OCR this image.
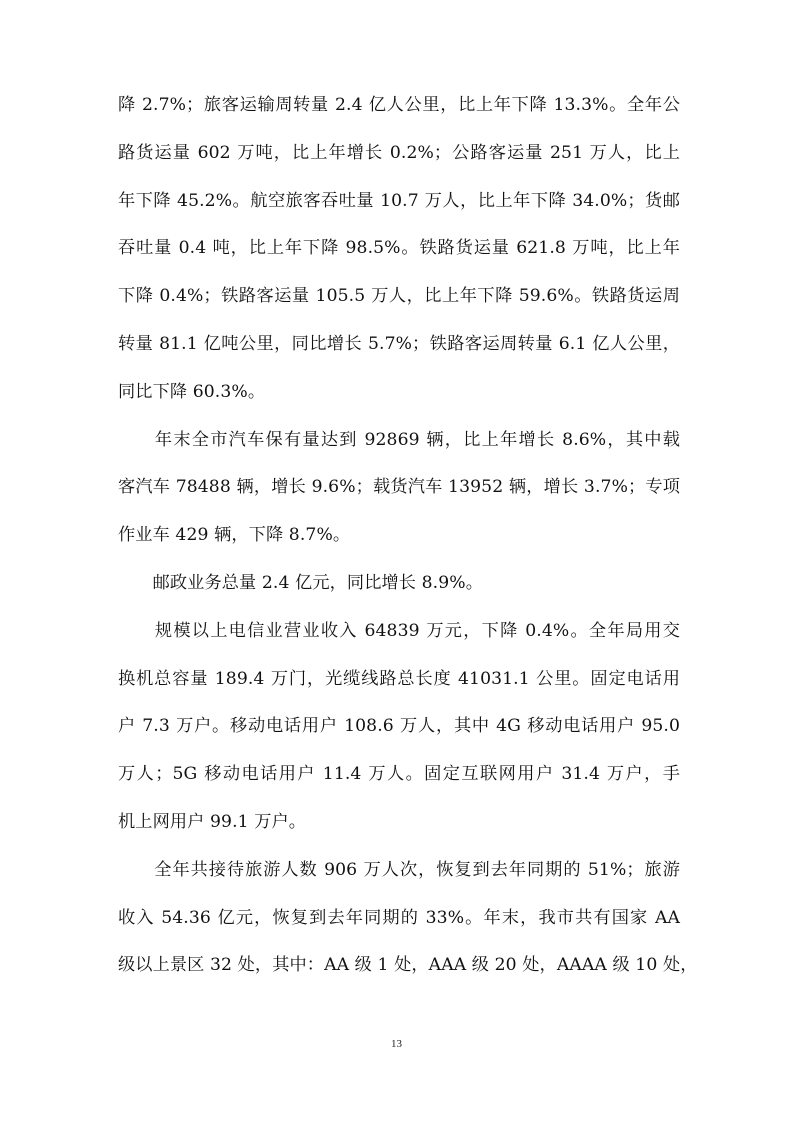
降 2.7%；旅客运输周转量 2.4 亿人公里，比上年下降 13.3%。全年公
路货运量 602 万吨，比上年增长 0.2%；公路客运量 251 万人，比上
年下降 45.2%。航空旅客吞吐量 10.7 万人，比上年下降 34.0%；货邮
吞吐量 0.4 吨，比上年下降 98.5%。铁路货运量 621.8 万吨，比上年
下降 0.4%；铁路客运量 105.5 万人，比上年下降 59.6%。铁路货运周
转量 81.1 亿吨公里，同比增长 5.7%；铁路客运周转量 6.1 亿人公里，
同比下降 60.3%。
　　年末全市汽车保有量达到 92869 辆，比上年增长 8.6%，其中载
客汽车 78488 辆，增长 9.6%；载货汽车 13952 辆，增长 3.7%；专项
作业车 429 辆，下降 8.7%。
　　邮政业务总量 2.4 亿元，同比增长 8.9%。
　　规模以上电信业营业收入 64839 万元，下降 0.4%。全年局用交
换机总容量 189.4 万门，光缆线路总长度 41031.1 公里。固定电话用
户 7.3 万户。移动电话用户 108.6 万人，其中 4G 移动电话用户 95.0
万人；5G 移动电话用户 11.4 万人。固定互联网用户 31.4 万户，手
机上网用户 99.1 万户。
　　全年共接待旅游人数 906 万人次，恢复到去年同期的 51%；旅游
收入 54.36 亿元，恢复到去年同期的 33%。年末，我市共有国家 AA
级以上景区 32 处，其中：AA 级 1 处，AAA 级 20 处，AAAA 级 10 处，
13
